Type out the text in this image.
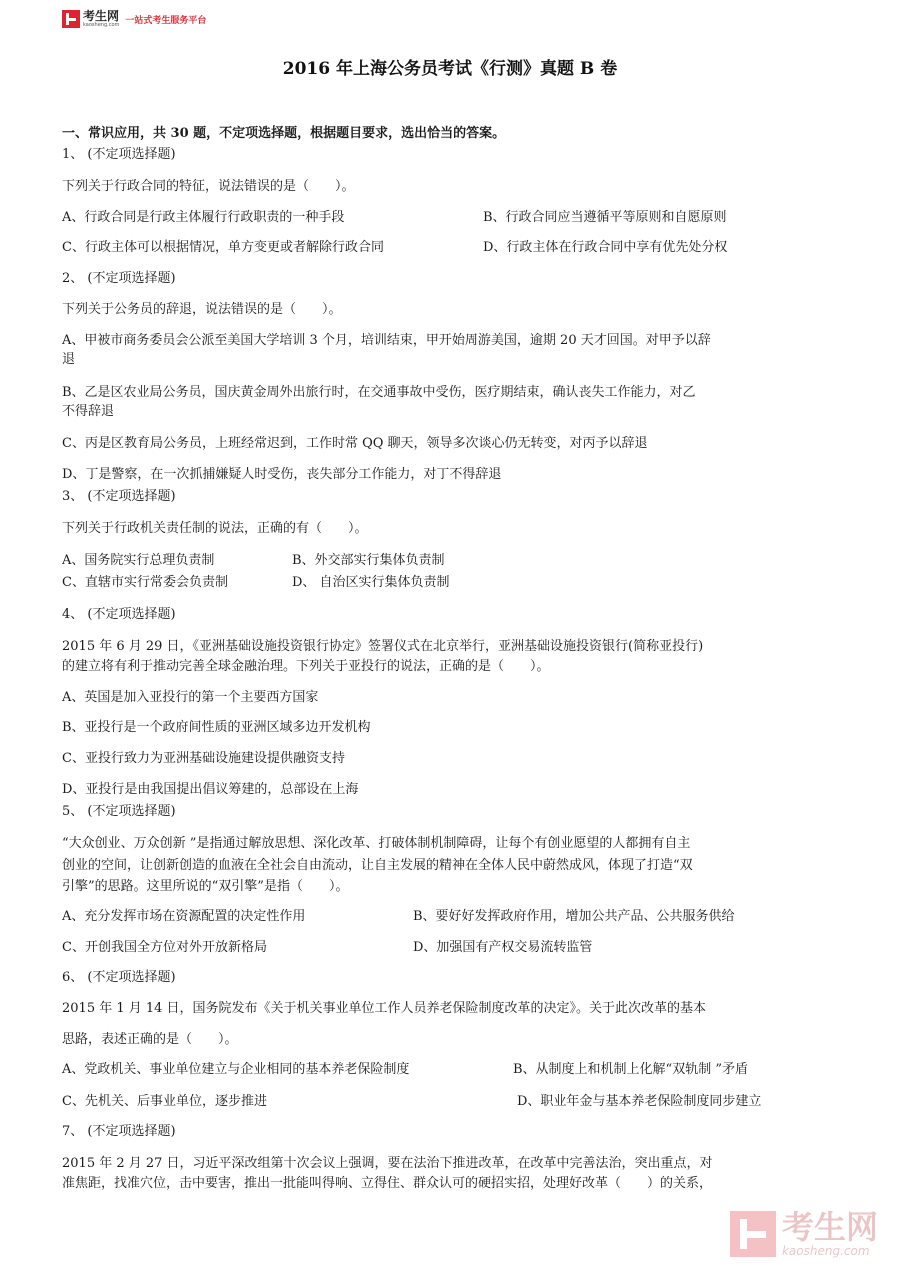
考生网
kaosheng.com 一站式考生服务平台
2016 年上海公务员考试《行测》真题 B 卷
一、常识应用，共 30 题，不定项选择题，根据题目要求，选出恰当的答案。
1、 (不定项选择题)
下列关于行政合同的特征，说法错误的是（　　）。
A、行政合同是行政主体履行行政职责的一种手段	B、行政合同应当遵循平等原则和自愿原则
C、行政主体可以根据情况，单方变更或者解除行政合同	D、行政主体在行政合同中享有优先处分权
2、 (不定项选择题)
下列关于公务员的辞退，说法错误的是（　　）。
A、甲被市商务委员会公派至美国大学培训 3 个月，培训结束，甲开始周游美国，逾期 20 天才回国。对甲予以辞
退
B、乙是区农业局公务员，国庆黄金周外出旅行时，在交通事故中受伤，医疗期结束，确认丧失工作能力，对乙
不得辞退
C、丙是区教育局公务员，上班经常迟到，工作时常 QQ 聊天，领导多次谈心仍无转变，对丙予以辞退
D、丁是警察，在一次抓捕嫌疑人时受伤，丧失部分工作能力，对丁不得辞退
3、 (不定项选择题)
下列关于行政机关责任制的说法，正确的有（　　）。
A、国务院实行总理负责制	B、外交部实行集体负责制
C、直辖市实行常委会负责制	D、 自治区实行集体负责制
4、 (不定项选择题)
2015 年 6 月 29 日，《亚洲基础设施投资银行协定》签署仪式在北京举行，亚洲基础设施投资银行(简称亚投行)
的建立将有利于推动完善全球金融治理。下列关于亚投行的说法，正确的是（　　）。
A、英国是加入亚投行的第一个主要西方国家
B、亚投行是一个政府间性质的亚洲区域多边开发机构
C、亚投行致力为亚洲基础设施建设提供融资支持
D、亚投行是由我国提出倡议筹建的，总部设在上海
5、 (不定项选择题)
“大众创业、万众创新 ”是指通过解放思想、深化改革、打破体制机制障碍，让每个有创业愿望的人都拥有自主
创业的空间，让创新创造的血液在全社会自由流动，让自主发展的精神在全体人民中蔚然成风，体现了打造“双
引擎”的思路。这里所说的“双引擎”是指（　　）。
A、充分发挥市场在资源配置的决定性作用	B、要好好发挥政府作用，增加公共产品、公共服务供给
C、开创我国全方位对外开放新格局	D、加强国有产权交易流转监管
6、 (不定项选择题)
2015 年 1 月 14 日，国务院发布《关于机关事业单位工作人员养老保险制度改革的决定》。关于此次改革的基本
思路，表述正确的是（　　）。
A、党政机关、事业单位建立与企业相同的基本养老保险制度	B、从制度上和机制上化解“双轨制 ”矛盾
C、先机关、后事业单位，逐步推进	D、职业年金与基本养老保险制度同步建立
7、 (不定项选择题)
2015 年 2 月 27 日，习近平深改组第十次会议上强调，要在法治下推进改革，在改革中完善法治，突出重点，对
准焦距，找准穴位，击中要害，推出一批能叫得响、立得住、群众认可的硬招实招，处理好改革（　　）的关系，
考生网
kaosheng.com
